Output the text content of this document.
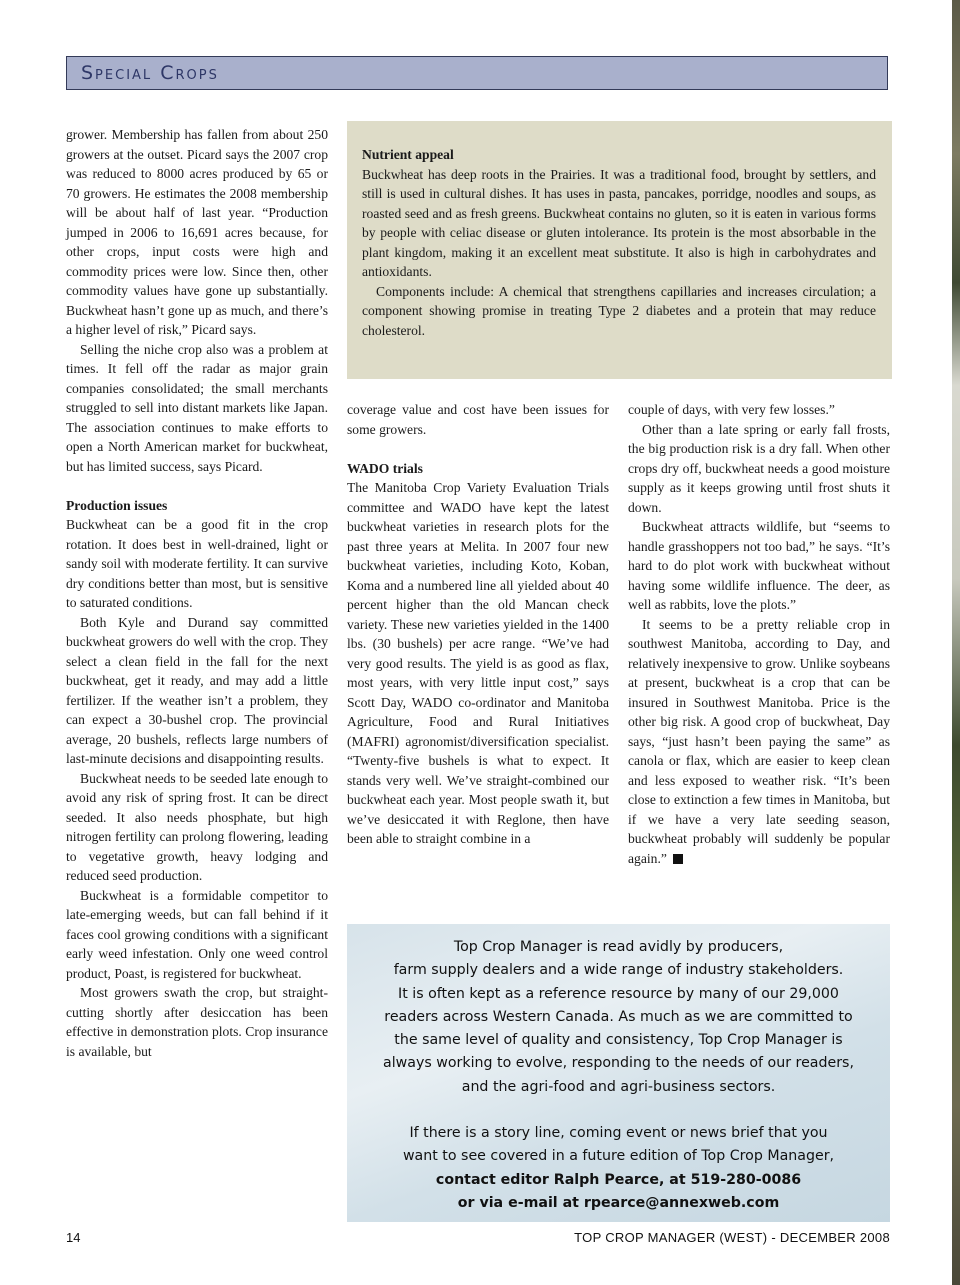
Special Crops

grower. Membership has fallen from about 250 growers at the outset. Picard says the 2007 crop was reduced to 8000 acres produced by 65 or 70 growers. He estimates the 2008 membership will be about half of last year. “Production jumped in 2006 to 16,691 acres because, for other crops, input costs were high and commodity prices were low. Since then, other commodity values have gone up substantially. Buckwheat hasn’t gone up as much, and there’s a higher level of risk,” Picard says.

Selling the niche crop also was a problem at times. It fell off the radar as major grain companies consolidated; the small merchants struggled to sell into distant markets like Japan. The association continues to make efforts to open a North American market for buckwheat, but has limited success, says Picard.

Production issues

Buckwheat can be a good fit in the crop rotation. It does best in well-drained, light or sandy soil with moderate fertility. It can survive dry conditions better than most, but is sensitive to saturated conditions.

Both Kyle and Durand say committed buckwheat growers do well with the crop. They select a clean field in the fall for the next buckwheat, get it ready, and may add a little fertilizer. If the weather isn’t a problem, they can expect a 30-bushel crop. The provincial average, 20 bushels, reflects large numbers of last-minute decisions and disappointing results.

Buckwheat needs to be seeded late enough to avoid any risk of spring frost. It can be direct seeded. It also needs phosphate, but high nitrogen fertility can prolong flowering, leading to vegetative growth, heavy lodging and reduced seed production.

Buckwheat is a formidable competitor to late-emerging weeds, but can fall behind if it faces cool growing conditions with a significant early weed infestation. Only one weed control product, Poast, is registered for buckwheat.

Most growers swath the crop, but straight-cutting shortly after desiccation has been effective in demonstration plots. Crop insurance is available, but

Nutrient appeal

Buckwheat has deep roots in the Prairies. It was a traditional food, brought by settlers, and still is used in cultural dishes. It has uses in pasta, pancakes, porridge, noodles and soups, as roasted seed and as fresh greens. Buckwheat contains no gluten, so it is eaten in various forms by people with celiac disease or gluten intolerance. Its protein is the most absorbable in the plant kingdom, making it an excellent meat substitute. It also is high in carbohydrates and antioxidants.

Components include: A chemical that strengthens capillaries and increases circulation; a component showing promise in treating Type 2 diabetes and a protein that may reduce cholesterol.

coverage value and cost have been issues for some growers.

WADO trials

The Manitoba Crop Variety Evaluation Trials committee and WADO have kept the latest buckwheat varieties in research plots for the past three years at Melita. In 2007 four new buckwheat varieties, including Koto, Koban, Koma and a numbered line all yielded about 40 percent higher than the old Mancan check variety. These new varieties yielded in the 1400 lbs. (30 bushels) per acre range. “We’ve had very good results. The yield is as good as flax, most years, with very little input cost,” says Scott Day, WADO co-ordinator and Manitoba Agriculture, Food and Rural Initiatives (MAFRI) agronomist/diversification specialist. “Twenty-five bushels is what to expect. It stands very well. We’ve straight-combined our buckwheat each year. Most people swath it, but we’ve desiccated it with Reglone, then have been able to straight combine in a

couple of days, with very few losses.”

Other than a late spring or early fall frosts, the big production risk is a dry fall. When other crops dry off, buckwheat needs a good moisture supply as it keeps growing until frost shuts it down.

Buckwheat attracts wildlife, but “seems to handle grasshoppers not too bad,” he says. “It’s hard to do plot work with buckwheat without having some wildlife influence. The deer, as well as rabbits, love the plots.”

It seems to be a pretty reliable crop in southwest Manitoba, according to Day, and relatively inexpensive to grow. Unlike soybeans at present, buckwheat is a crop that can be insured in Southwest Manitoba. Price is the other big risk. A good crop of buckwheat, Day says, “just hasn’t been paying the same” as canola or flax, which are easier to keep clean and less exposed to weather risk. “It’s been close to extinction a few times in Manitoba, but if we have a very late seeding season, buckwheat probably will suddenly be popular again.”

Top Crop Manager is read avidly by producers,

farm supply dealers and a wide range of industry stakeholders.

It is often kept as a reference resource by many of our 29,000

readers across Western Canada. As much as we are committed to

the same level of quality and consistency, Top Crop Manager is

always working to evolve, responding to the needs of our readers,

and the agri-food and agri-business sectors.

If there is a story line, coming event or news brief that you

want to see covered in a future edition of Top Crop Manager,

contact editor Ralph Pearce, at 519-280-0086

or via e-mail at rpearce@annexweb.com

14	TOP CROP MANAGER (WEST) - DECEMBER 2008
